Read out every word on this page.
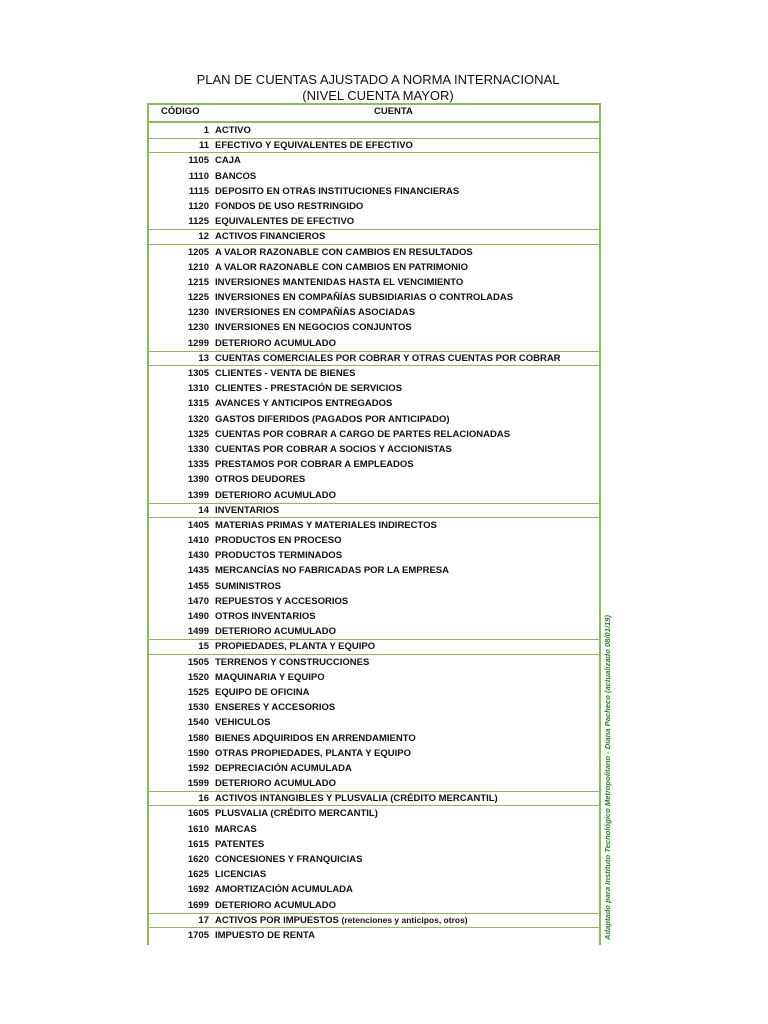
PLAN DE CUENTAS AJUSTADO A NORMA INTERNACIONAL
(NIVEL CUENTA MAYOR)
CÓDIGO	CUENTA
1 ACTIVO
11 EFECTIVO Y EQUIVALENTES DE EFECTIVO
1105 CAJA
1110 BANCOS
1115 DEPOSITO EN OTRAS INSTITUCIONES FINANCIERAS
1120 FONDOS DE USO RESTRINGIDO
1125 EQUIVALENTES DE EFECTIVO
12 ACTIVOS FINANCIEROS
1205 A VALOR RAZONABLE CON CAMBIOS EN RESULTADOS
1210 A VALOR RAZONABLE CON CAMBIOS EN PATRIMONIO
1215 INVERSIONES MANTENIDAS HASTA EL VENCIMIENTO
1225 INVERSIONES EN COMPAÑÍAS SUBSIDIARIAS O CONTROLADAS
1230 INVERSIONES EN COMPAÑÍAS ASOCIADAS
1230 INVERSIONES EN NEGOCIOS CONJUNTOS
1299 DETERIORO ACUMULADO
13 CUENTAS COMERCIALES POR COBRAR Y OTRAS CUENTAS POR COBRAR
1305 CLIENTES - VENTA DE BIENES
1310 CLIENTES - PRESTACIÓN DE SERVICIOS
1315 AVANCES Y ANTICIPOS ENTREGADOS
1320 GASTOS DIFERIDOS (PAGADOS POR ANTICIPADO)
1325 CUENTAS POR COBRAR A CARGO DE PARTES RELACIONADAS
1330 CUENTAS POR COBRAR A SOCIOS Y ACCIONISTAS
1335 PRESTAMOS POR COBRAR A EMPLEADOS
1390 OTROS DEUDORES
1399 DETERIORO ACUMULADO
14 INVENTARIOS
1405 MATERIAS PRIMAS Y MATERIALES INDIRECTOS
1410 PRODUCTOS EN PROCESO
1430 PRODUCTOS TERMINADOS
1435 MERCANCÍAS NO FABRICADAS POR LA EMPRESA
1455 SUMINISTROS
1470 REPUESTOS Y ACCESORIOS
1490 OTROS INVENTARIOS
1499 DETERIORO ACUMULADO
15 PROPIEDADES, PLANTA Y EQUIPO
1505 TERRENOS Y CONSTRUCCIONES
1520 MAQUINARIA Y EQUIPO
1525 EQUIPO DE OFICINA
1530 ENSERES Y ACCESORIOS
1540 VEHICULOS
1580 BIENES ADQUIRIDOS EN ARRENDAMIENTO
1590 OTRAS PROPIEDADES, PLANTA Y EQUIPO
1592 DEPRECIACIÓN ACUMULADA
1599 DETERIORO ACUMULADO
16 ACTIVOS INTANGIBLES Y PLUSVALIA (CRÉDITO MERCANTIL)
1605 PLUSVALIA (CRÉDITO MERCANTIL)
1610 MARCAS
1615 PATENTES
1620 CONCESIONES Y FRANQUICIAS
1625 LICENCIAS
1692 AMORTIZACIÓN ACUMULADA
1699 DETERIORO ACUMULADO
17 ACTIVOS POR IMPUESTOS (retenciones y anticipos, otros)
1705 IMPUESTO DE RENTA	Adaptado para Instituto Tecnológico Metropolitano - Diana Pacheco (actualizado 08/01/19)
